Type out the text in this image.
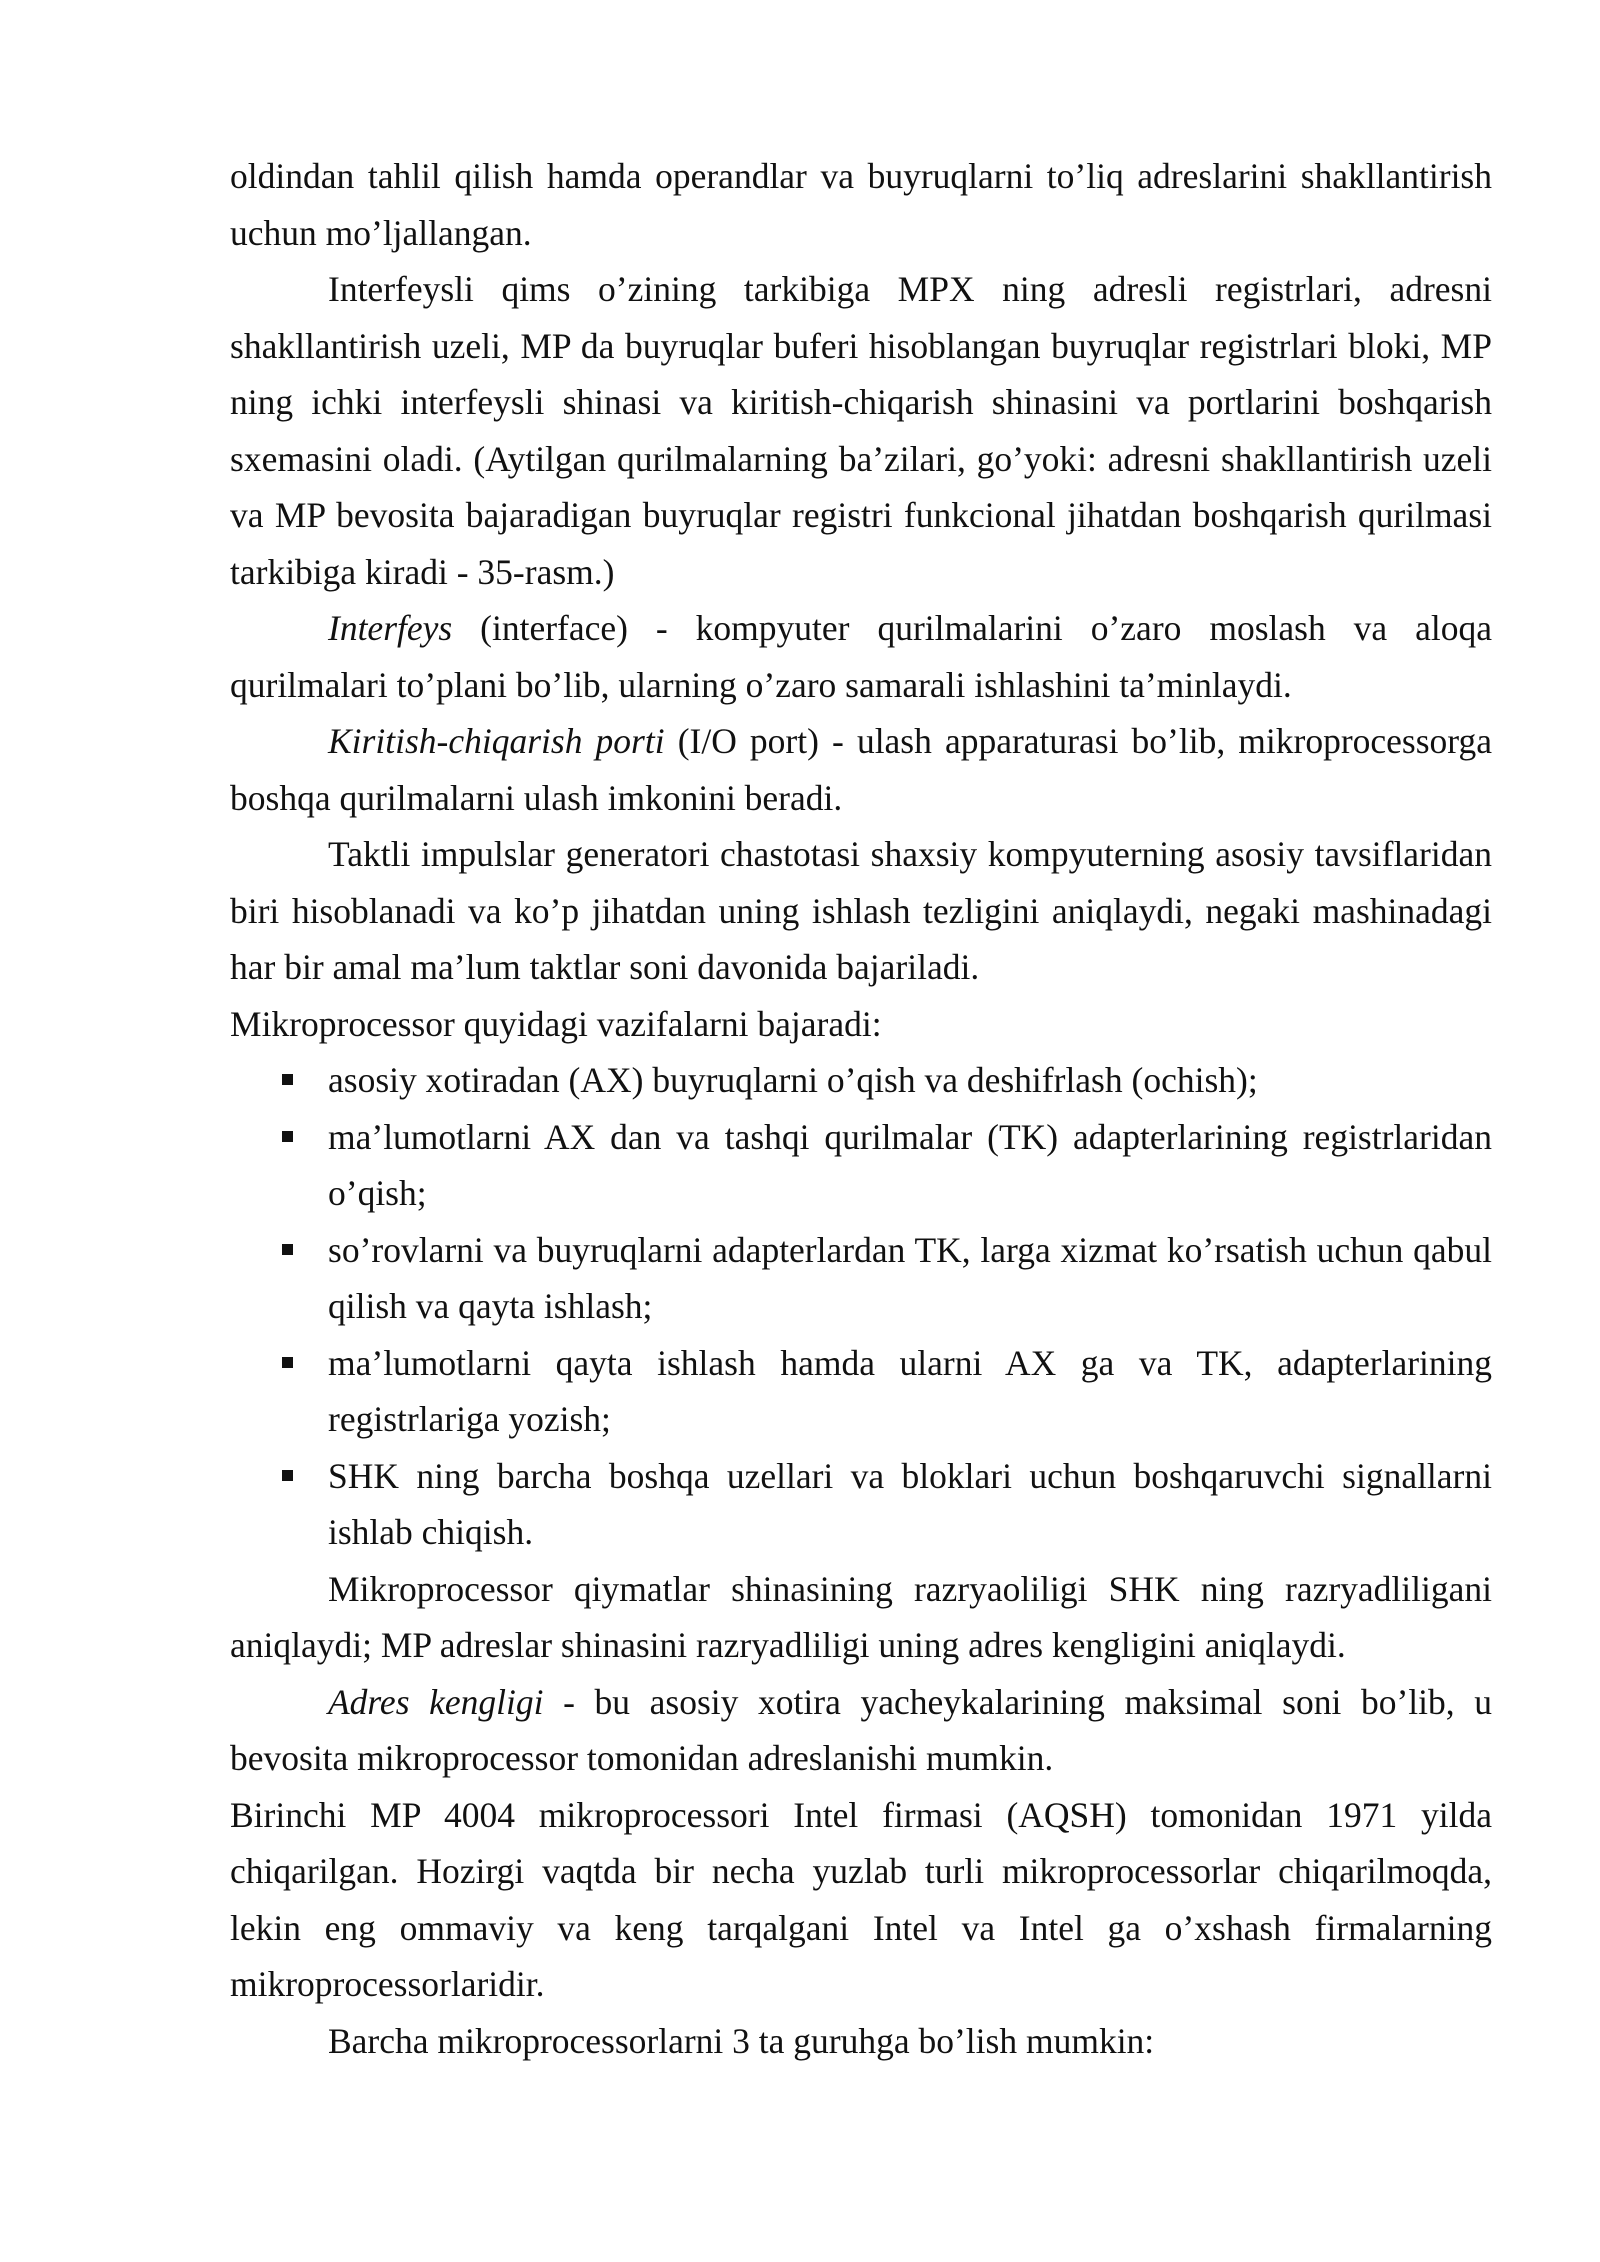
oldindan tahlil qilish hamda operandlar va buyruqlarni to’liq adreslarini shakllantirish uchun mo’ljallangan.

Interfeysli qims o’zining tarkibiga MPX ning adresli registrlari, adresni shakllantirish uzeli, MP da buyruqlar buferi hisoblangan buyruqlar registrlari bloki, MP ning ichki interfeysli shinasi va kiritish-chiqarish shinasini va portlarini boshqarish sxemasini oladi. (Aytilgan qurilmalarning ba’zilari, go’yoki: adresni shakllantirish uzeli va MP bevosita bajaradigan buyruqlar registri funkcional jihatdan boshqarish qurilmasi tarkibiga kiradi - 35-rasm.)

Interfeys (interface) - kompyuter qurilmalarini o’zaro moslash va aloqa qurilmalari to’plani bo’lib, ularning o’zaro samarali ishlashini ta’minlaydi.

Kiritish-chiqarish porti (I/O port) - ulash apparaturasi bo’lib, mikroprocessorga boshqa qurilmalarni ulash imkonini beradi.

Taktli impulslar generatori chastotasi shaxsiy kompyuterning asosiy tavsiflaridan biri hisoblanadi va ko’p jihatdan uning ishlash tezligini aniqlaydi, negaki mashinadagi har bir amal ma’lum taktlar soni davonida bajariladi.

Mikroprocessor quyidagi vazifalarni bajaradi:

asosiy xotiradan (AX) buyruqlarni o’qish va deshifrlash (ochish);
ma’lumotlarni AX dan va tashqi qurilmalar (TK) adapterlarining registrlaridan o’qish;
so’rovlarni va buyruqlarni adapterlardan TK, larga xizmat ko’rsatish uchun qabul qilish va qayta ishlash;
ma’lumotlarni qayta ishlash hamda ularni AX ga va TK, adapterlarining registrlariga yozish;
SHK ning barcha boshqa uzellari va bloklari uchun boshqaruvchi signallarni ishlab chiqish.

Mikroprocessor qiymatlar shinasining razryaoliligi SHK ning razryadliligani aniqlaydi; MP adreslar shinasini razryadliligi uning adres kengligini aniqlaydi.

Adres kengligi - bu asosiy xotira yacheykalarining maksimal soni bo’lib, u bevosita mikroprocessor tomonidan adreslanishi mumkin.

Birinchi MP 4004 mikroprocessori Intel firmasi (AQSH) tomonidan 1971 yilda chiqarilgan. Hozirgi vaqtda bir necha yuzlab turli mikroprocessorlar chiqarilmoqda, lekin eng ommaviy va keng tarqalgani Intel va Intel ga o’xshash firmalarning mikroprocessorlaridir.

Barcha mikroprocessorlarni 3 ta guruhga bo’lish mumkin:
